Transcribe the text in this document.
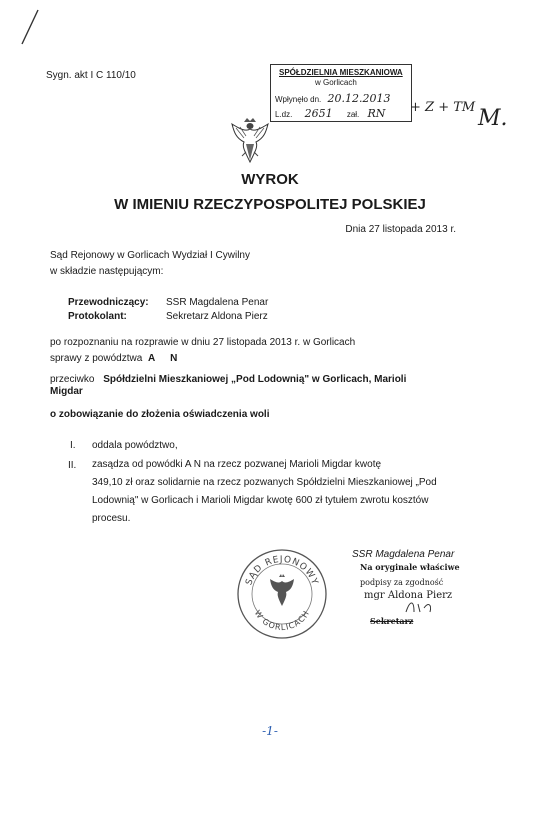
Sygn. akt I C 110/10	SPÓŁDZIELNIA MIESZKANIOWA
w Gorlicach
Wpłynęło dn. 20.12.2013
L.dz. 2651 zał. RN + Z + TM M.
WYROK
W IMIENIU RZECZYPOSPOLITEJ POLSKIEJ
Dnia 27 listopada 2013 r.
Sąd Rejonowy w Gorlicach Wydział I Cywilny
w składzie następującym:
Przewodniczący: SSR Magdalena Penar
Protokolant:	Sekretarz Aldona Pierz
po rozpoznaniu na rozprawie w dniu 27 listopada 2013 r. w Gorlicach
sprawy z powództwa A N
przeciwko Spółdzielni Mieszkaniowej „Pod Lodownią" w Gorlicach, Marioli
Migdar
o zobowiązanie do złożenia oświadczenia woli
I. oddala powództwo,
II. zasądza od powódki A N na rzecz pozwanej Marioli Migdar kwotę
349,10 zł oraz solidarnie na rzecz pozwanych Spółdzielni Mieszkaniowej „Pod
Lodownią" w Gorlicach i Marioli Migdar kwotę 600 zł tytułem zwrotu kosztów
procesu.
SSR Magdalena Penar
Na oryginale właściwe
podpisy za zgodność
mgr Aldona Pierz
Sekretarz
SĄD REJONOWY
W GORLICACH
-1-
